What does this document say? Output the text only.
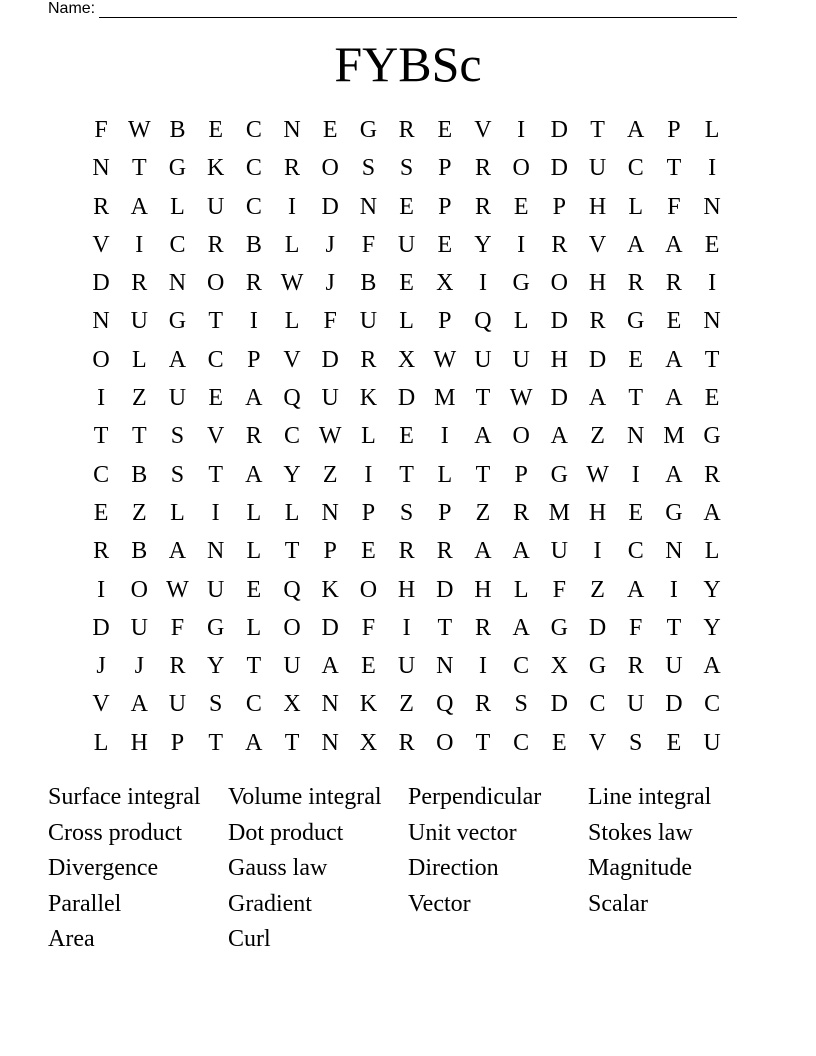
Name:
FYBSc
F W B E C N E G R E V	I	D T A P	L
N T G K C R O S	S	P R O D U C T	I
R A L U C	I	D N E	P R E	P H L	F N
V	I	C R B L	J	F U E Y	I	R V A A E
D R N O R W J	B E X	I	G O H R R	I
N U G T	I	L	F U L	P Q L D R G E N
O L A C P V D R X W U U H D E A T
I	Z U E A Q U K D M T W D A T A E
T T	S V R C W L E	I	A O A Z N M G
C B S	T A Y Z	I	T L T	P G W I	A R
E Z L	I	L L N P	S	P	Z R M H E G A
R B A N L T	P	E R R A A U	I	C N L
I	O W U E Q K O H D H L	F	Z A	I	Y
D U F G L O D F	I	T R A G D F	T Y
J	J	R Y T U A E U N	I	C X G R U A
V A U S C X N K Z Q R S D C U D C
L H P	T A T N X R O T C E V S	E U
Surface integral	Volume integral	Perpendicular	Line integral
Cross product	Dot product	Unit vector	Stokes law
Divergence	Gauss law	Direction	Magnitude
Parallel	Gradient	Vector	Scalar
Area	Curl
